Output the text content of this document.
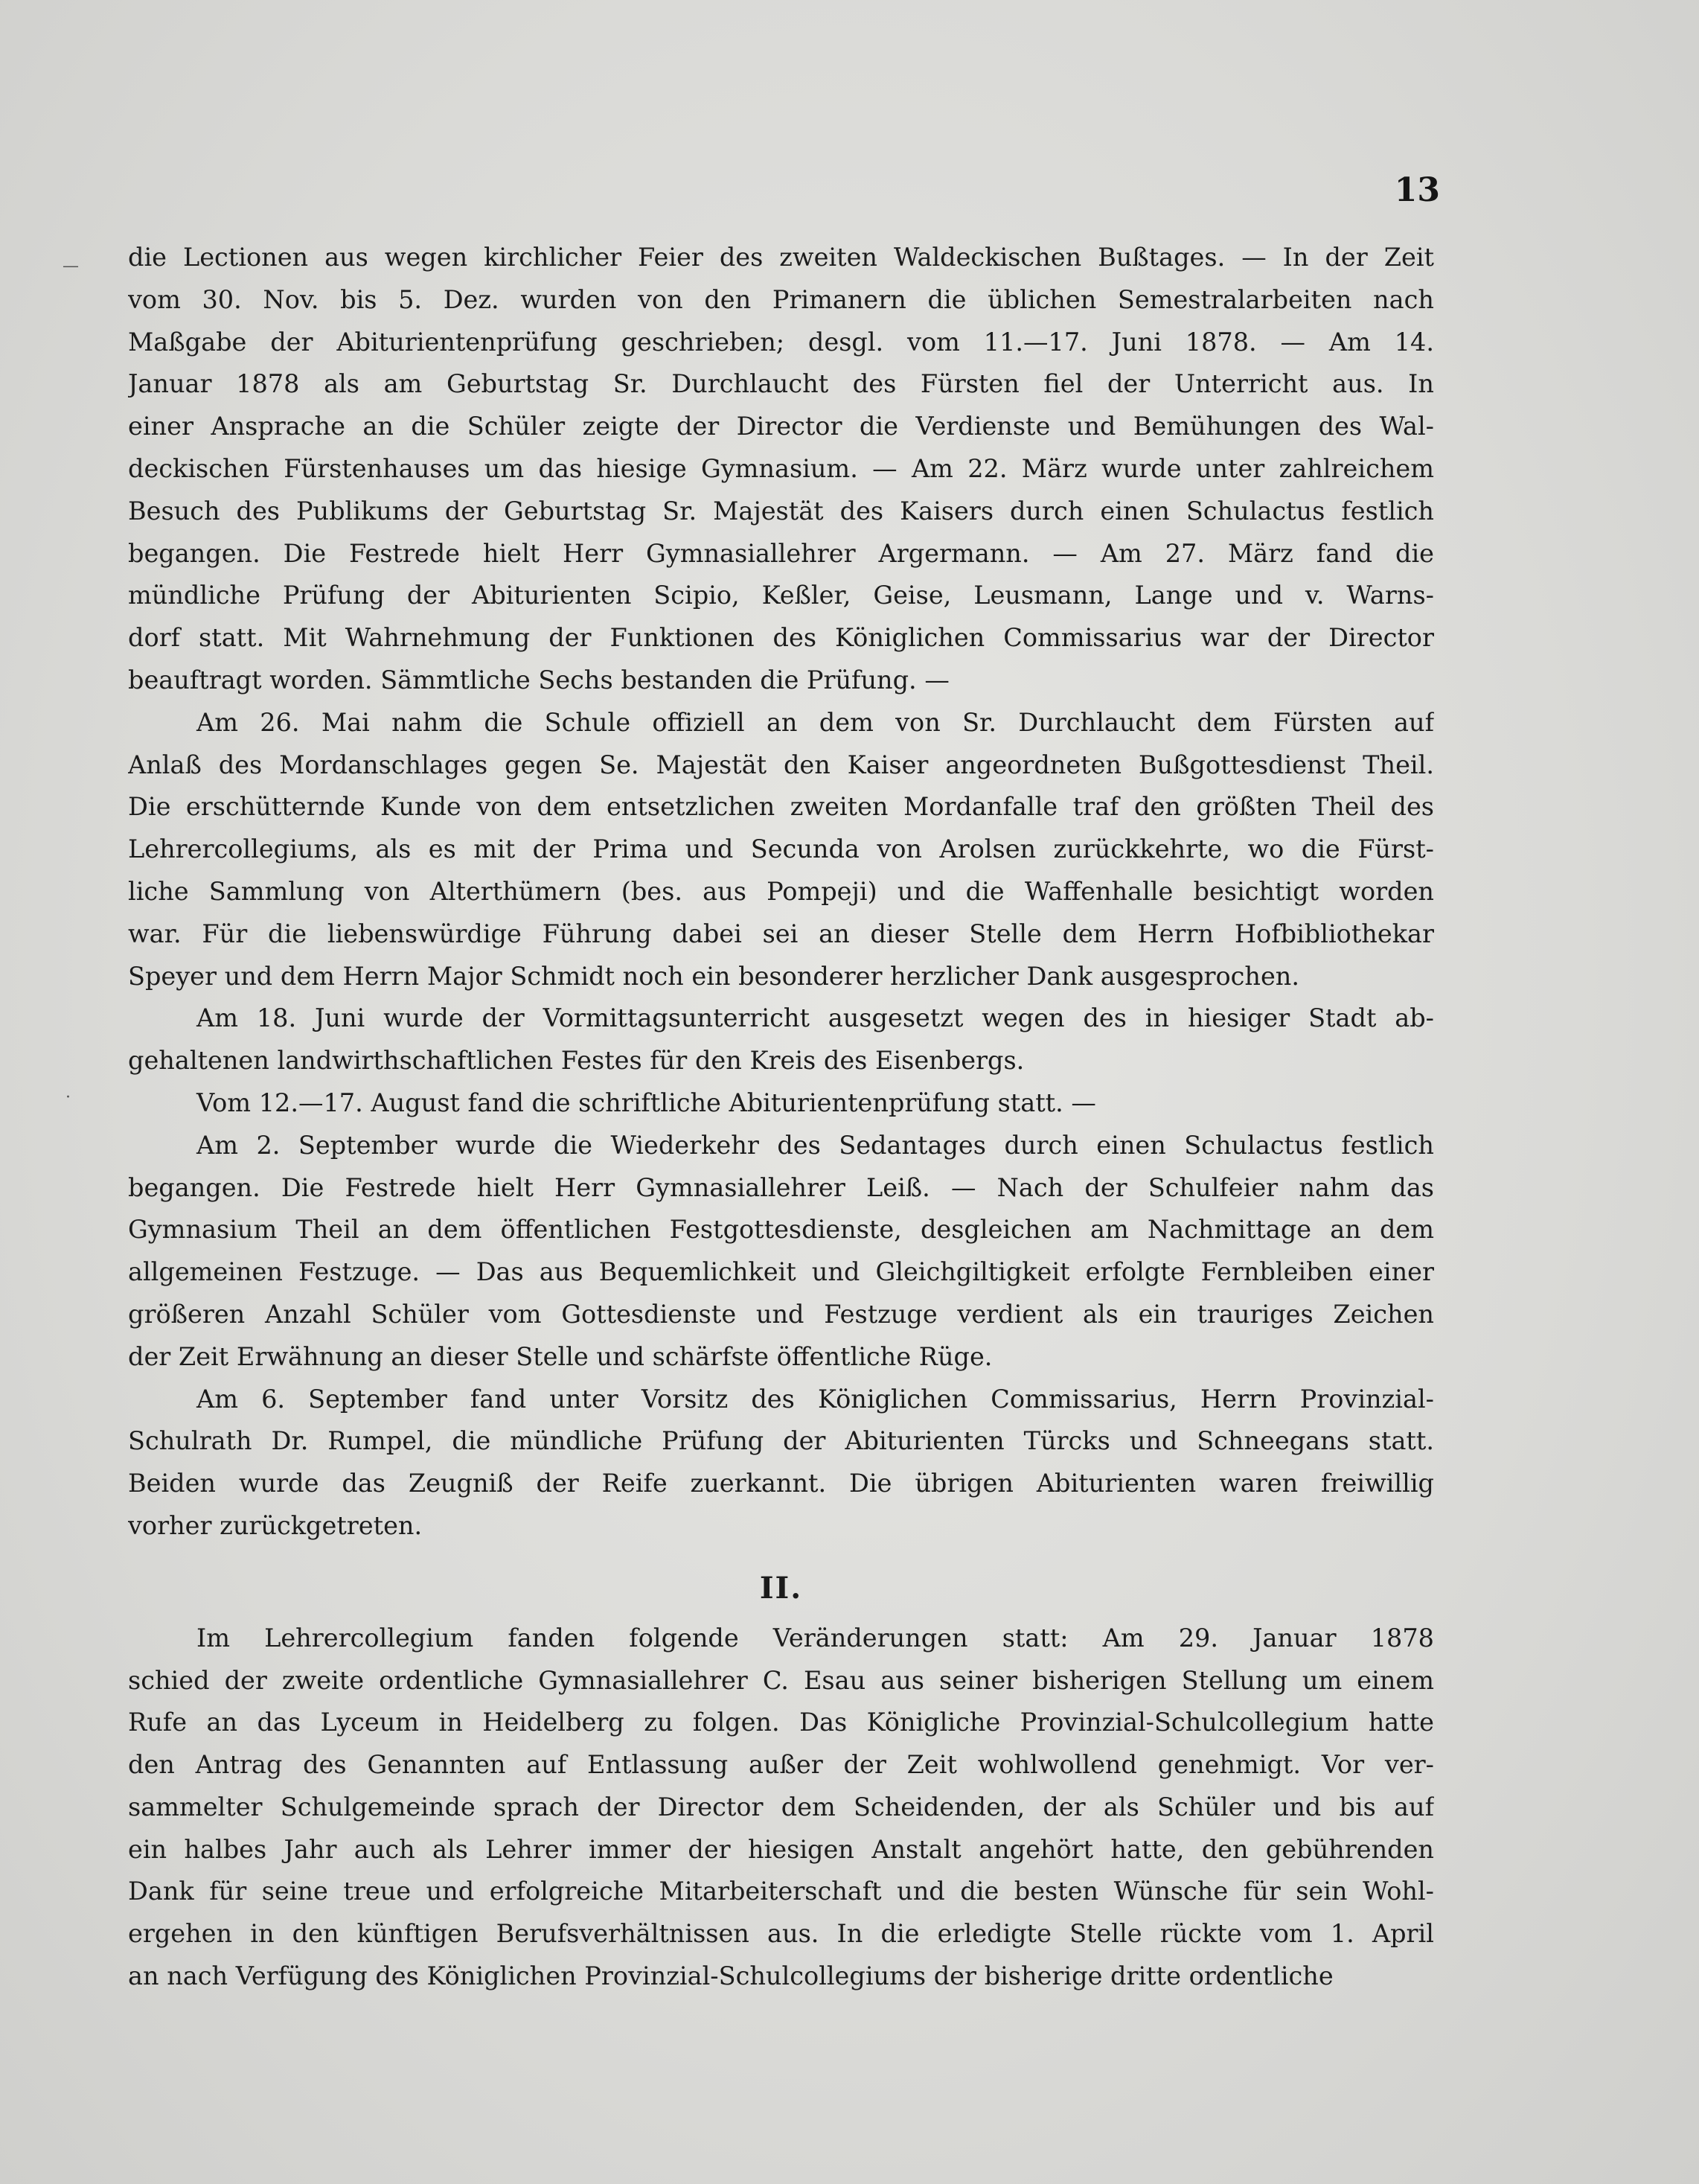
13
—
·
die Lectionen aus wegen kirchlicher Feier des zweiten Waldeckischen Bußtages. — In der Zeit
vom 30. Nov. bis 5. Dez. wurden von den Primanern die üblichen Semestralarbeiten nach
Maßgabe der Abiturientenprüfung geschrieben; desgl. vom 11.—17. Juni 1878. — Am 14.
Januar 1878 als am Geburtstag Sr. Durchlaucht des Fürsten fiel der Unterricht aus. In
einer Ansprache an die Schüler zeigte der Director die Verdienste und Bemühungen des Wal-
deckischen Fürstenhauses um das hiesige Gymnasium. — Am 22. März wurde unter zahlreichem
Besuch des Publikums der Geburtstag Sr. Majestät des Kaisers durch einen Schulactus festlich
begangen. Die Festrede hielt Herr Gymnasiallehrer Argermann. — Am 27. März fand die
mündliche Prüfung der Abiturienten Scipio, Keßler, Geise, Leusmann, Lange und v. Warns-
dorf statt. Mit Wahrnehmung der Funktionen des Königlichen Commissarius war der Director
beauftragt worden. Sämmtliche Sechs bestanden die Prüfung. —
Am 26. Mai nahm die Schule offiziell an dem von Sr. Durchlaucht dem Fürsten auf
Anlaß des Mordanschlages gegen Se. Majestät den Kaiser angeordneten Bußgottesdienst Theil.
Die erschütternde Kunde von dem entsetzlichen zweiten Mordanfalle traf den größten Theil des
Lehrercollegiums, als es mit der Prima und Secunda von Arolsen zurückkehrte, wo die Fürst-
liche Sammlung von Alterthümern (bes. aus Pompeji) und die Waffenhalle besichtigt worden
war. Für die liebenswürdige Führung dabei sei an dieser Stelle dem Herrn Hofbibliothekar
Speyer und dem Herrn Major Schmidt noch ein besonderer herzlicher Dank ausgesprochen.
Am 18. Juni wurde der Vormittagsunterricht ausgesetzt wegen des in hiesiger Stadt ab-
gehaltenen landwirthschaftlichen Festes für den Kreis des Eisenbergs.
Vom 12.—17. August fand die schriftliche Abiturientenprüfung statt. —
Am 2. September wurde die Wiederkehr des Sedantages durch einen Schulactus festlich
begangen. Die Festrede hielt Herr Gymnasiallehrer Leiß. — Nach der Schulfeier nahm das
Gymnasium Theil an dem öffentlichen Festgottesdienste, desgleichen am Nachmittage an dem
allgemeinen Festzuge. — Das aus Bequemlichkeit und Gleichgiltigkeit erfolgte Fernbleiben einer
größeren Anzahl Schüler vom Gottesdienste und Festzuge verdient als ein trauriges Zeichen
der Zeit Erwähnung an dieser Stelle und schärfste öffentliche Rüge.
Am 6. September fand unter Vorsitz des Königlichen Commissarius, Herrn Provinzial-
Schulrath Dr. Rumpel, die mündliche Prüfung der Abiturienten Türcks und Schneegans statt.
Beiden wurde das Zeugniß der Reife zuerkannt. Die übrigen Abiturienten waren freiwillig
vorher zurückgetreten.
II.
Im Lehrercollegium fanden folgende Veränderungen statt: Am 29. Januar 1878
schied der zweite ordentliche Gymnasiallehrer C. Esau aus seiner bisherigen Stellung um einem
Rufe an das Lyceum in Heidelberg zu folgen. Das Königliche Provinzial-Schulcollegium hatte
den Antrag des Genannten auf Entlassung außer der Zeit wohlwollend genehmigt. Vor ver-
sammelter Schulgemeinde sprach der Director dem Scheidenden, der als Schüler und bis auf
ein halbes Jahr auch als Lehrer immer der hiesigen Anstalt angehört hatte, den gebührenden
Dank für seine treue und erfolgreiche Mitarbeiterschaft und die besten Wünsche für sein Wohl-
ergehen in den künftigen Berufsverhältnissen aus. In die erledigte Stelle rückte vom 1. April
an nach Verfügung des Königlichen Provinzial-Schulcollegiums der bisherige dritte ordentliche
